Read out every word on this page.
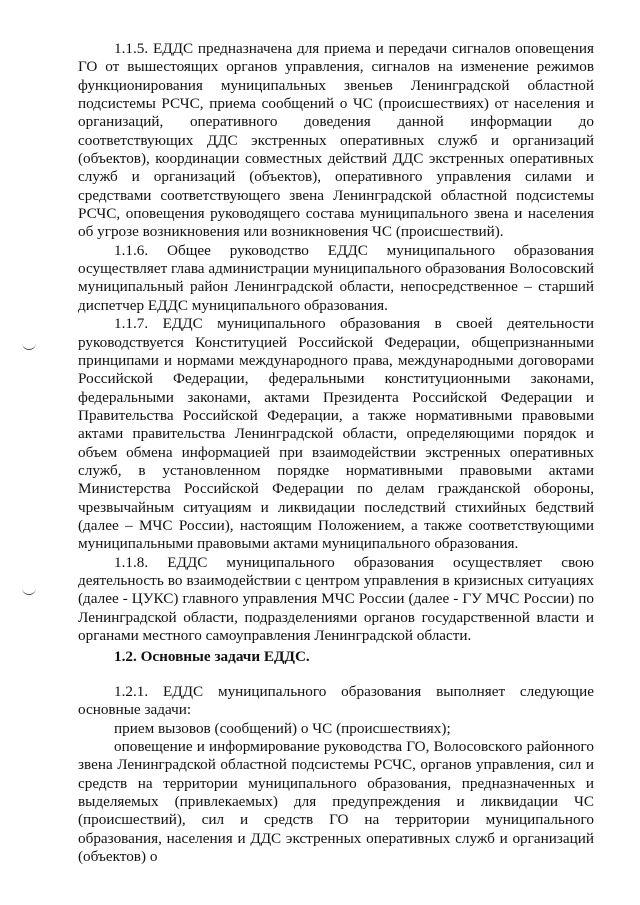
1.1.5. ЕДДС предназначена для приема и передачи сигналов оповещения ГО от вышестоящих органов управления, сигналов на изменение режимов функционирования муниципальных звеньев Ленинградской областной подсистемы РСЧС, приема сообщений о ЧС (происшествиях) от населения и организаций, оперативного доведения данной информации до соответствующих ДДС экстренных оперативных служб и организаций (объектов), координации совместных действий ДДС экстренных оперативных служб и организаций (объектов), оперативного управления силами и средствами соответствующего звена Ленинградской областной подсистемы РСЧС, оповещения руководящего состава муниципального звена и населения об угрозе возникновения или возникновения ЧС (происшествий).

1.1.6. Общее руководство ЕДДС муниципального образования осуществляет глава администрации муниципального образования Волосовский муниципальный район Ленинградской области, непосредственное – старший диспетчер ЕДДС муниципального образования.

1.1.7. ЕДДС муниципального образования в своей деятельности руководствуется Конституцией Российской Федерации, общепризнанными принципами и нормами международного права, международными договорами Российской Федерации, федеральными конституционными законами, федеральными законами, актами Президента Российской Федерации и Правительства Российской Федерации, а также нормативными правовыми актами правительства Ленинградской области, определяющими порядок и объем обмена информацией при взаимодействии экстренных оперативных служб, в установленном порядке нормативными правовыми актами Министерства Российской Федерации по делам гражданской обороны, чрезвычайным ситуациям и ликвидации последствий стихийных бедствий (далее – МЧС России), настоящим Положением, а также соответствующими муниципальными правовыми актами муниципального образования.

1.1.8. ЕДДС муниципального образования осуществляет свою деятельность во взаимодействии с центром управления в кризисных ситуациях (далее - ЦУКС) главного управления МЧС России (далее - ГУ МЧС России) по Ленинградской области, подразделениями органов государственной власти и органами местного самоуправления Ленинградской области.

1.2. Основные задачи ЕДДС.

1.2.1. ЕДДС муниципального образования выполняет следующие основные задачи:

прием вызовов (сообщений) о ЧС (происшествиях);

оповещение и информирование руководства ГО, Волосовского районного звена Ленинградской областной подсистемы РСЧС, органов управления, сил и средств на территории муниципального образования, предназначенных и выделяемых (привлекаемых) для предупреждения и ликвидации ЧС (происшествий), сил и средств ГО на территории муниципального образования, населения и ДДС экстренных оперативных служб и организаций (объектов) о
